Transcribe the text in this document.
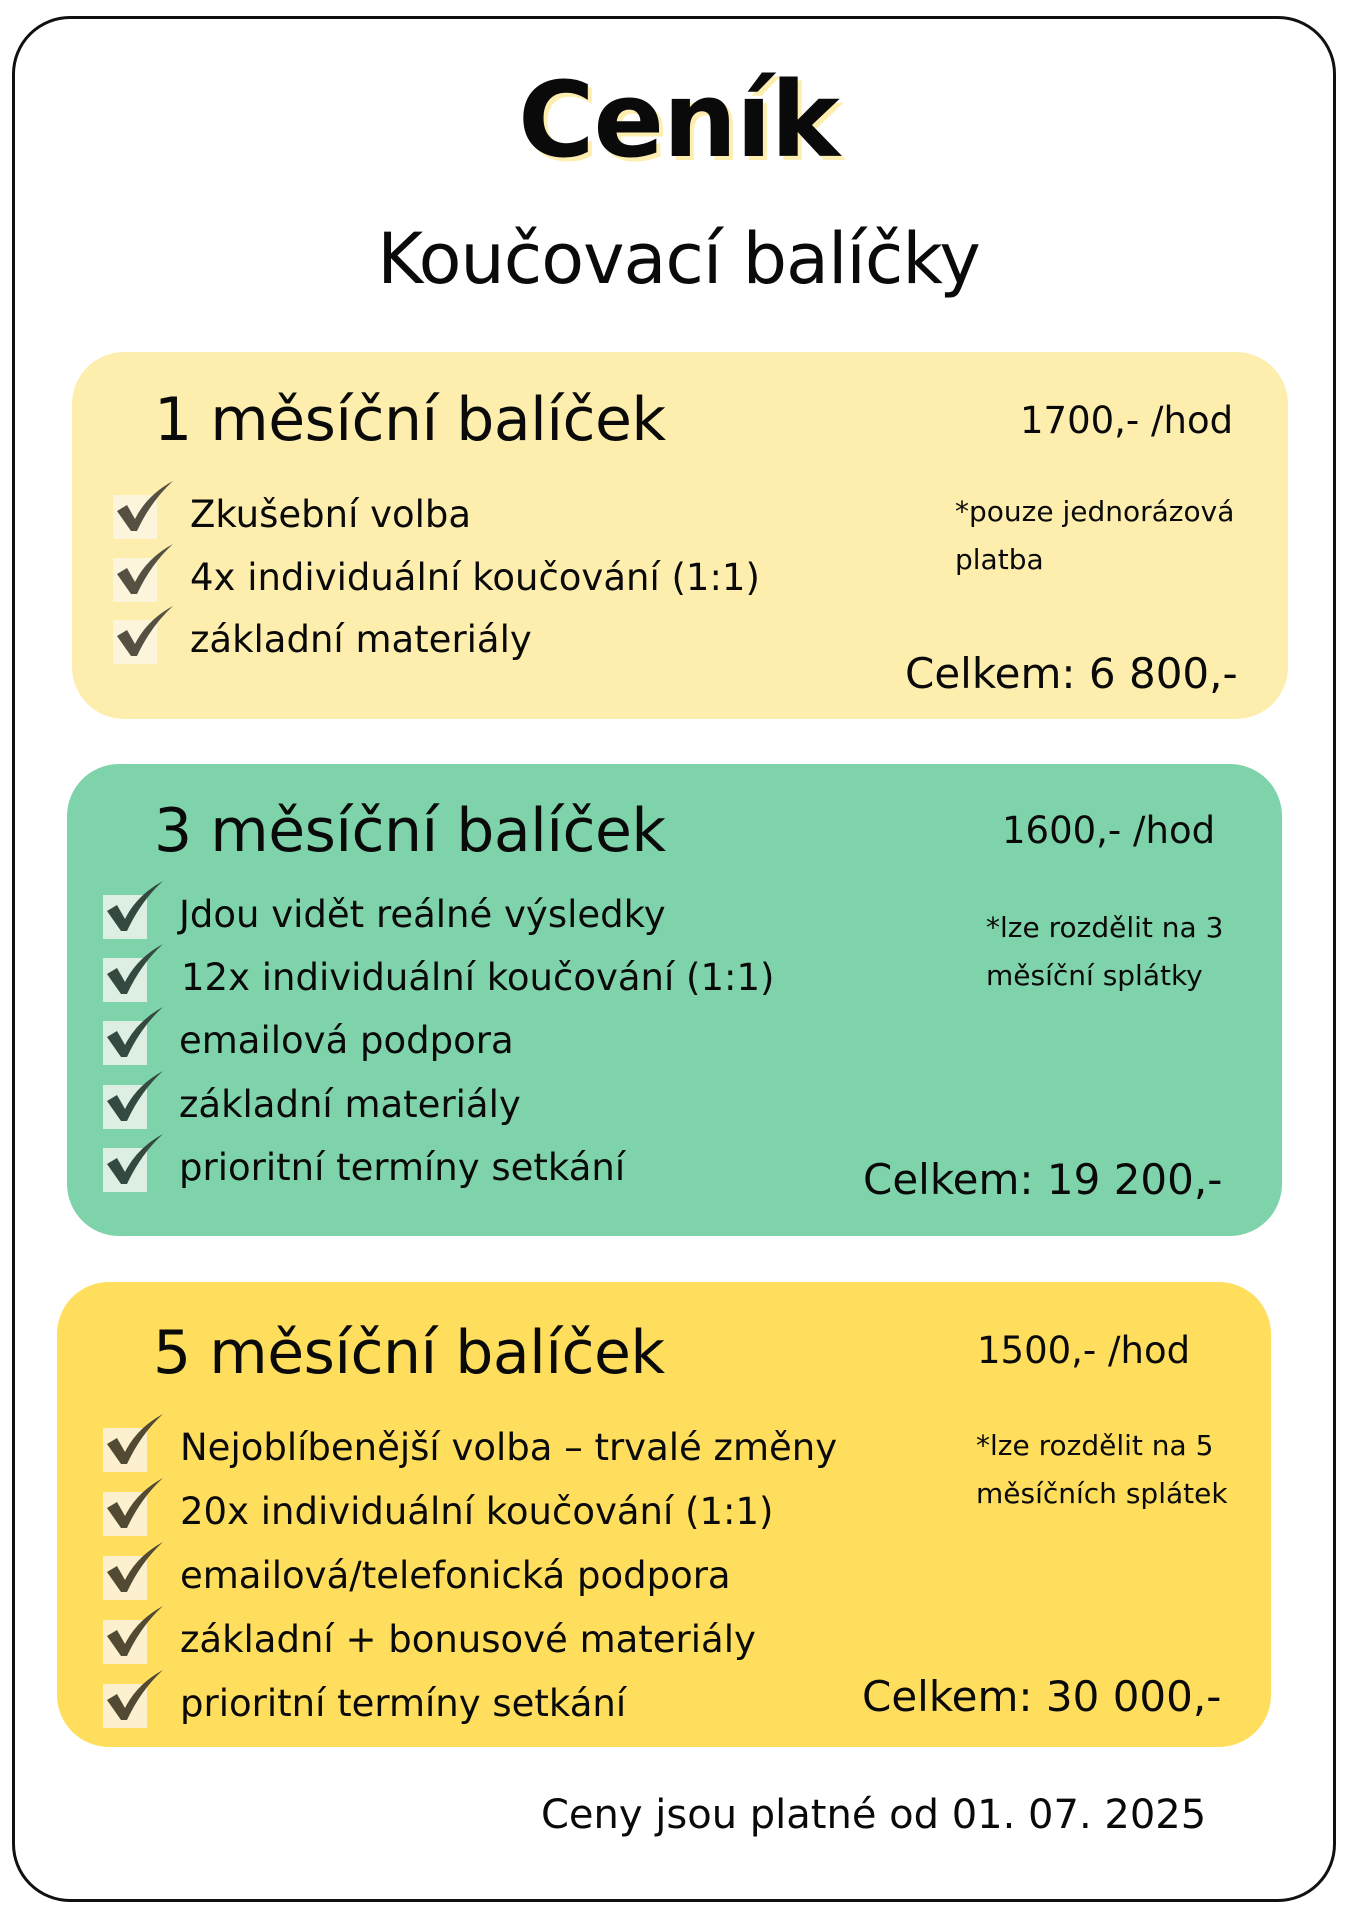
Ceník
Koučovací balíčky
1 měsíční balíček	1700,- /hod
*pouze jednorázová
platba
Celkem: 6 800,-
Zkušební volba
4x individuální koučování (1:1)
základní materiály
3 měsíční balíček	1600,- /hod
*lze rozdělit na 3
měsíční splátky
Celkem: 19 200,-
Jdou vidět reálné výsledky
12x individuální koučování (1:1)
emailová podpora
základní materiály
prioritní termíny setkání
5 měsíční balíček	1500,- /hod
*lze rozdělit na 5
měsíčních splátek
Celkem: 30 000,-
Nejoblíbenější volba – trvalé změny
20x individuální koučování (1:1)
emailová/telefonická podpora
základní + bonusové materiály
prioritní termíny setkání
Ceny jsou platné od 01. 07. 2025
